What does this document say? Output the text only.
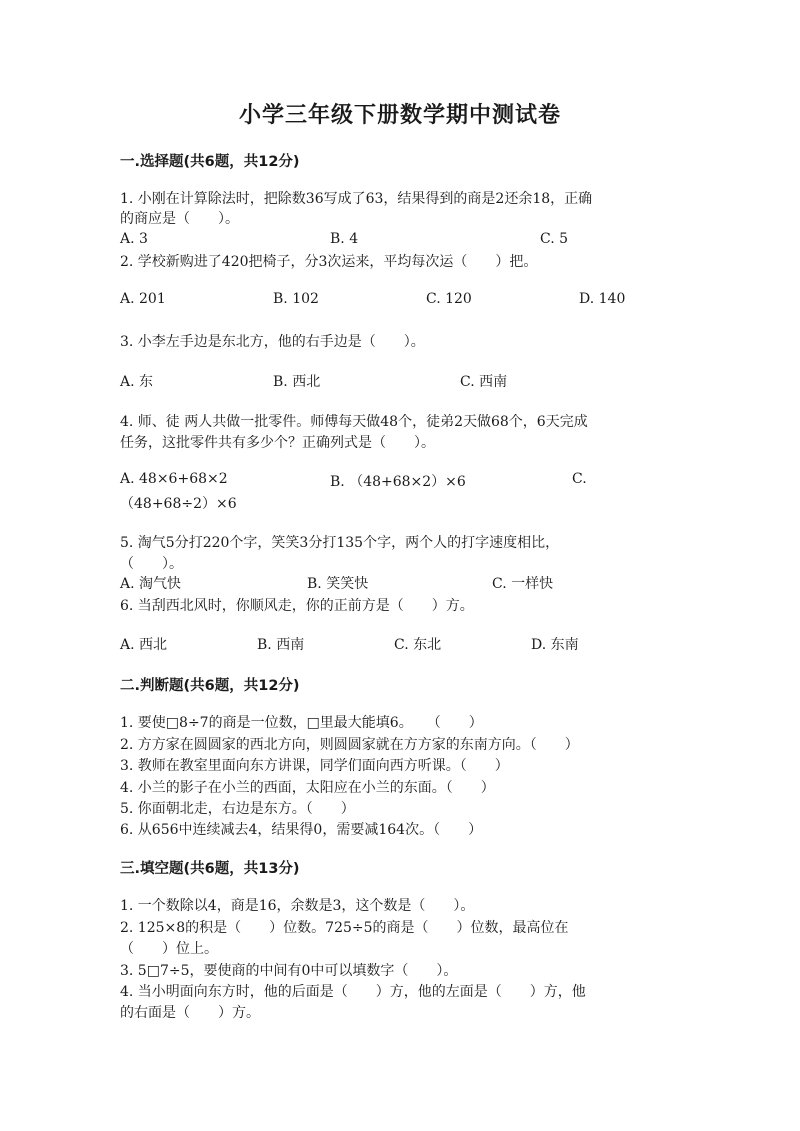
小学三年级下册数学期中测试卷
一.选择题(共6题，共12分)
1. 小刚在计算除法时，把除数36写成了63，结果得到的商是2还余18，正确
的商应是（　　）。
A. 3	B. 4	C. 5
2. 学校新购进了420把椅子，分3次运来，平均每次运（　　）把。
A. 201	B. 102	C. 120	D. 140
3. 小李左手边是东北方，他的右手边是（　　）。
A. 东	B. 西北	C. 西南
4. 师、徒 两人共做一批零件。师傅每天做48个，徒弟2天做68个，6天完成
任务，这批零件共有多少个？正确列式是（　　）。
A. 48×6+68×2	B. （48+68×2）×6	C.
（48+68÷2）×6
5. 淘气5分打220个字，笑笑3分打135个字，两个人的打字速度相比，
（　　）。
A. 淘气快	B. 笑笑快	C. 一样快
6. 当刮西北风时，你顺风走，你的正前方是（　　）方。
A. 西北	B. 西南	C. 东北	D. 东南
二.判断题(共6题，共12分)
1. 要使□8÷7的商是一位数，□里最大能填6。　　（　　）
2. 方方家在圆圆家的西北方向，则圆圆家就在方方家的东南方向。（　　）
3. 教师在教室里面向东方讲课，同学们面向西方听课。（　　）
4. 小兰的影子在小兰的西面，太阳应在小兰的东面。（　　）
5. 你面朝北走，右边是东方。（　　）
6. 从656中连续减去4，结果得0，需要减164次。（　　）
三.填空题(共6题，共13分)
1. 一个数除以4，商是16，余数是3，这个数是（　　）。
2. 125×8的积是（　　）位数。725÷5的商是（　　）位数，最高位在
（　　）位上。
3. 5□7÷5，要使商的中间有0中可以填数字（　　）。
4. 当小明面向东方时，他的后面是（　　）方，他的左面是（　　）方，他
的右面是（　　）方。
